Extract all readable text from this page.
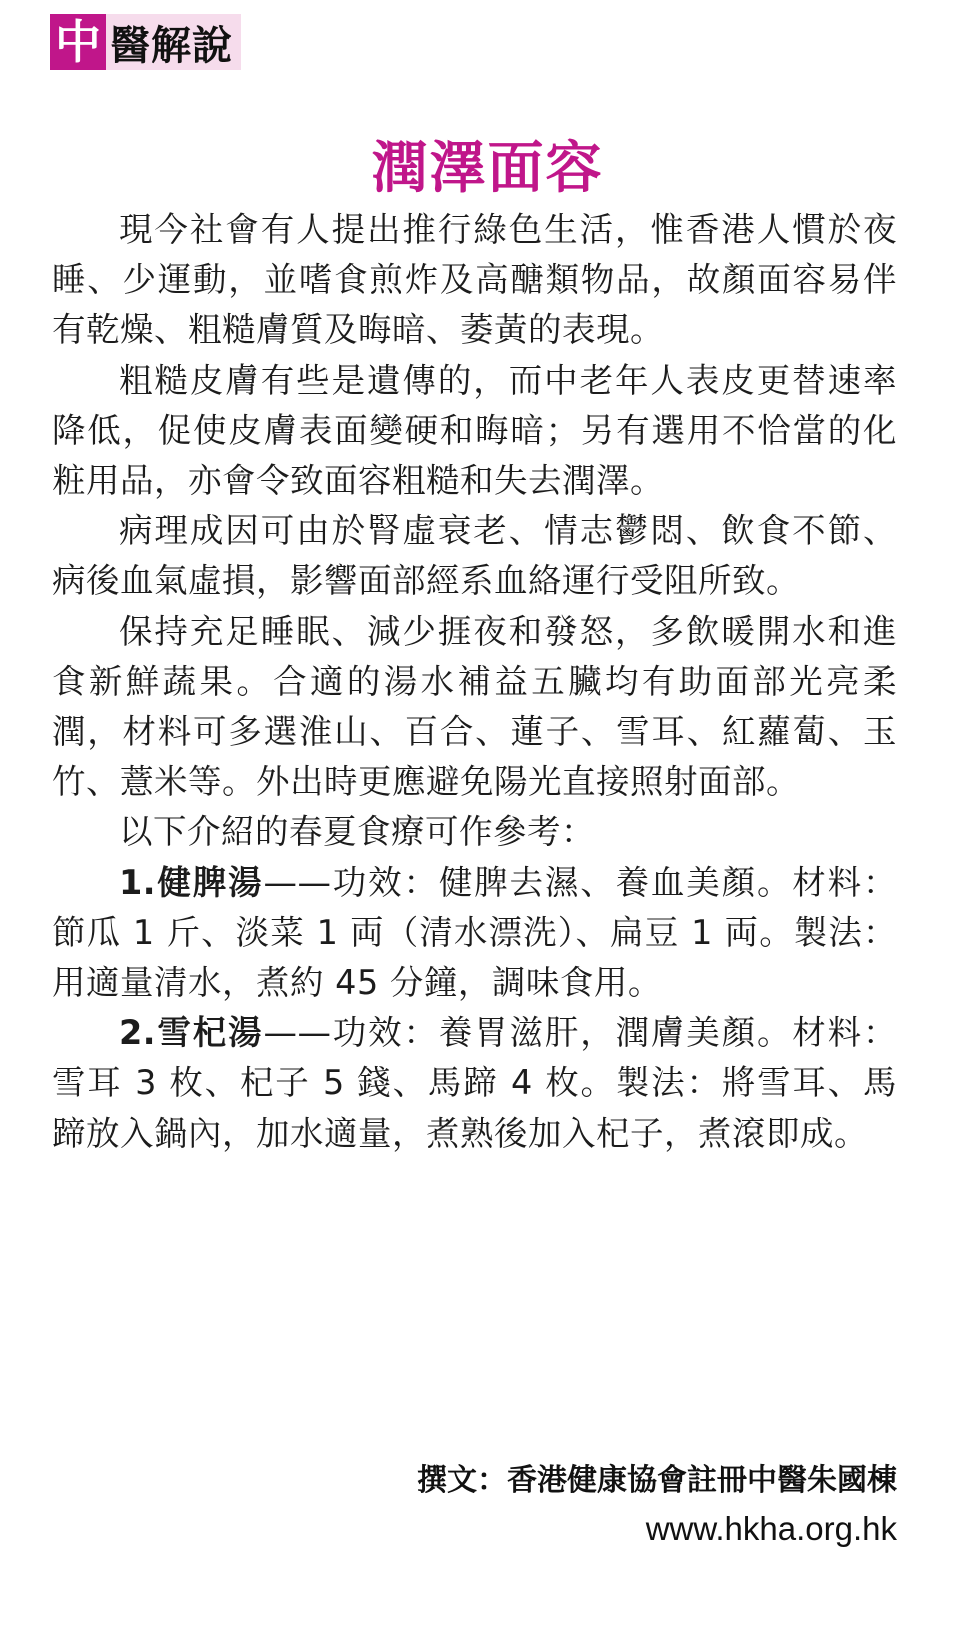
中 醫解說
潤澤面容

現今社會有人提出推行綠色生活，惟香港人慣於夜睡、少運動，並嗜食煎炸及高醣類物品，故顏面容易伴有乾燥、粗糙膚質及晦暗、萎黃的表現。

粗糙皮膚有些是遺傳的，而中老年人表皮更替速率降低，促使皮膚表面變硬和晦暗；另有選用不恰當的化粧用品，亦會令致面容粗糙和失去潤澤。

病理成因可由於腎虛衰老、情志鬱悶、飲食不節、病後血氣虛損，影響面部經系血絡運行受阻所致。

保持充足睡眠、減少捱夜和發怒，多飲暖開水和進食新鮮蔬果。合適的湯水補益五臟均有助面部光亮柔潤，材料可多選淮山、百合、蓮子、雪耳、紅蘿蔔、玉竹、薏米等。外出時更應避免陽光直接照射面部。

以下介紹的春夏食療可作參考：

1.健脾湯——功效：健脾去濕、養血美顏。材料：節瓜 1 斤、淡菜 1 両（清水漂洗）、扁豆 1 両。製法：用適量清水，煮約 45 分鐘，調味食用。

2.雪杞湯——功效：養胃滋肝，潤膚美顏。材料：雪耳 3 枚、杞子 5 錢、馬蹄 4 枚。製法：將雪耳、馬蹄放入鍋內，加水適量，煮熟後加入杞子，煮滾即成。

撰文：香港健康協會註冊中醫朱國棟
www.hkha.org.hk
